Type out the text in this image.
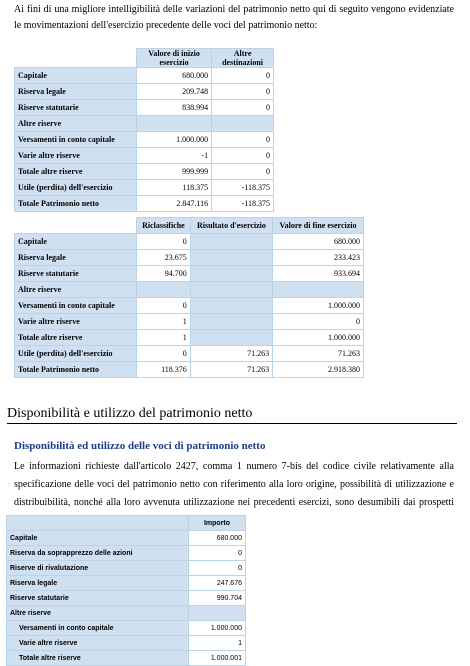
Ai fini di una migliore intelligibilità delle variazioni del patrimonio netto qui di seguito vengono evidenziate le movimentazioni dell'esercizio precedente delle voci del patrimonio netto:

	Valore di inizio esercizio	Altre destinazioni
Capitale	680.000	0
Riserva legale	209.748	0
Riserve statutarie	838.994	0
Altre riserve		
Versamenti in conto capitale	1.000.000	0
Varie altre riserve	-1	0
Totale altre riserve	999.999	0
Utile (perdita) dell'esercizio	118.375	-118.375
Totale Patrimonio netto	2.847.116	-118.375
	Riclassifiche	Risultato d'esercizio	Valore di fine esercizio
Capitale	0		680.000
Riserva legale	23.675		233.423
Riserve statutarie	94.700		933.694
Altre riserve			
Versamenti in conto capitale	0		1.000.000
Varie altre riserve	1		0
Totale altre riserve	1		1.000.000
Utile (perdita) dell'esercizio	0	71.263	71.263
Totale Patrimonio netto	118.376	71.263	2.918.380
Disponibilità e utilizzo del patrimonio netto
Disponibilità ed utilizzo delle voci di patrimonio netto

Le informazioni richieste dall'articolo 2427, comma 1 numero 7-bis del codice civile relativamente alla specificazione delle voci del patrimonio netto con riferimento alla loro origine, possibilità di utilizzazione e distribuibilità, nonché alla loro avvenuta utilizzazione nei precedenti esercizi, sono desumibili dai prospetti

	Importo
Capitale	680.000
Riserva da soprapprezzo delle azioni	0
Riserve di rivalutazione	0
Riserva legale	247.676
Riserve statutarie	990.704
Altre riserve	
Versamenti in conto capitale	1.000.000
Varie altre riserve	1
Totale altre riserve	1.000.001
